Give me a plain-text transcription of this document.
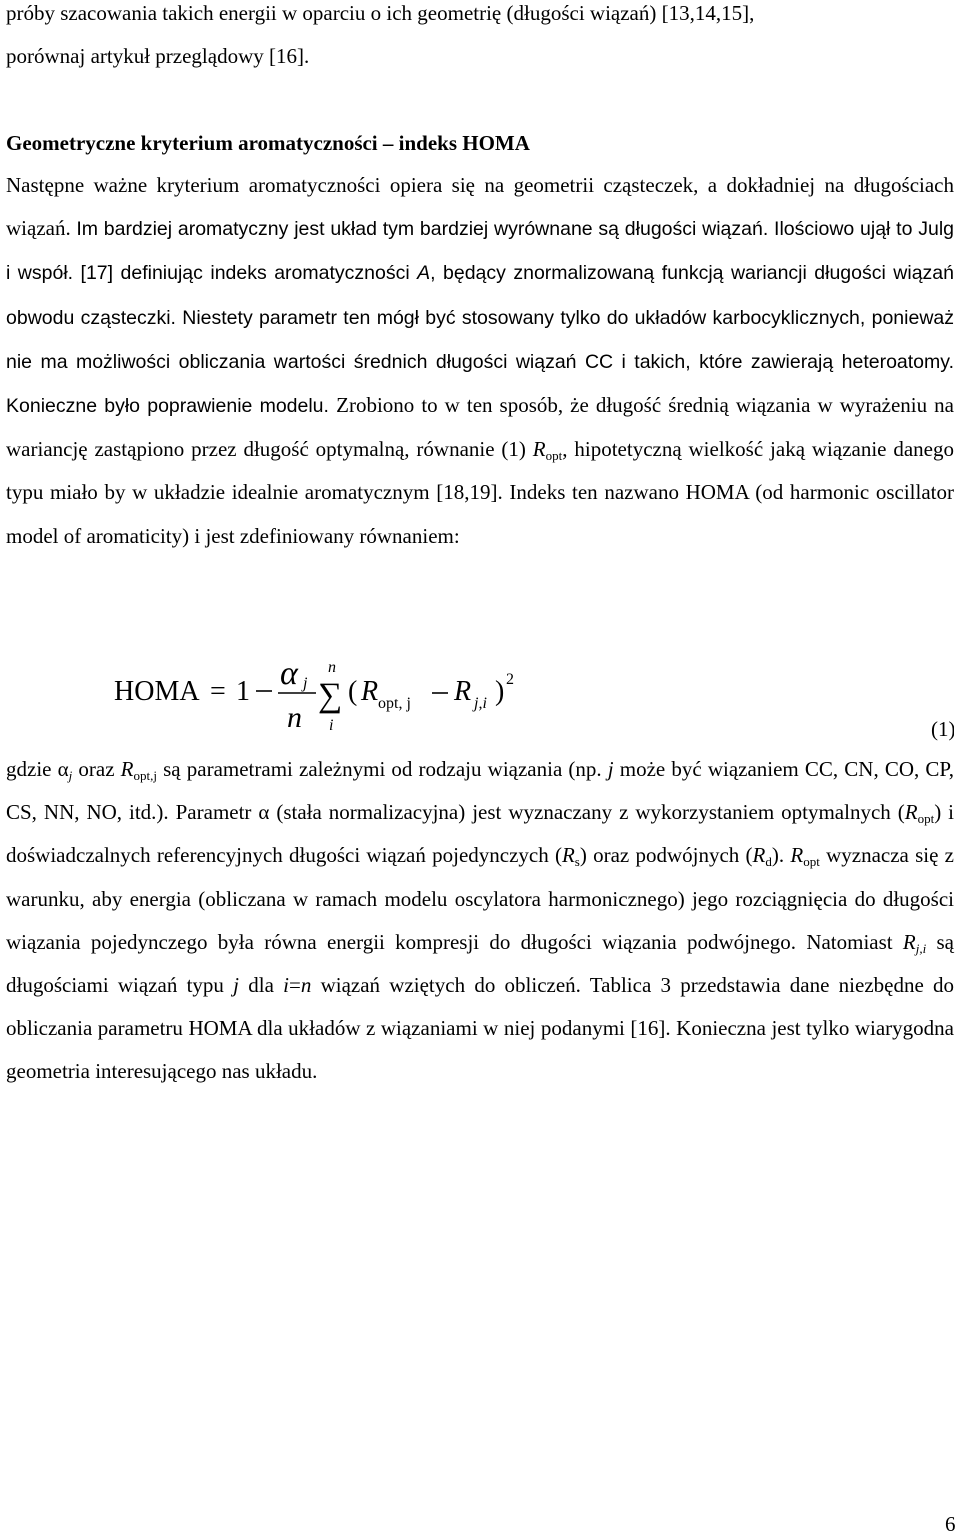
próby szacowania takich energii w oparciu o ich geometrię (długości wiązań) [13,14,15],
porównaj artykuł przeglądowy [16].

Geometryczne kryterium aromatyczności – indeks HOMA

Następne ważne kryterium aromatyczności opiera się na geometrii cząsteczek, a dokładniej na długościach wiązań. Im bardziej aromatyczny jest układ tym bardziej wyrównane są długości wiązań. Ilościowo ujął to Julg i współ. [17] definiując indeks aromatyczności A, będący znormalizowaną funkcją wariancji długości wiązań obwodu cząsteczki. Niestety parametr ten mógł być stosowany tylko do układów karbocyklicznych, ponieważ nie ma możliwości obliczania wartości średnich długości wiązań CC i takich, które zawierają heteroatomy. Konieczne było poprawienie modelu. Zrobiono to w ten sposób, że długość średnią wiązania w wyrażeniu na wariancję zastąpiono przez długość optymalną, równanie (1) $R_{opt}$, hipotetyczną wielkość jaką wiązanie danego typu miało by w układzie idealnie aromatycznym [18,19]. Indeks ten nazwano HOMA (od harmonic oscillator model of aromaticity) i jest zdefiniowany równaniem:

HOMA = 1 α j
n
n
∑
i
( R opt, j R j,i ) 2
(1)

gdzie $\alpha_j$ oraz $R_{opt,j}$ są parametrami zależnymi od rodzaju wiązania (np. j może być wiązaniem CC, CN, CO, CP, CS, NN, NO, itd.). Parametr α (stała normalizacyjna) jest wyznaczany z wykorzystaniem optymalnych $(R_{opt})$ i doświadczalnych referencyjnych długości wiązań pojedynczych $(R_s)$ oraz podwójnych $(R_d)$. $R_{opt}$ wyznacza się z warunku, aby energia (obliczana w ramach modelu oscylatora harmonicznego) jego rozciągnięcia do długości wiązania pojedynczego była równa energii kompresji do długości wiązania podwójnego. Natomiast $R_{j,i}$ są długościami wiązań typu j dla i=n wiązań wziętych do obliczeń. Tablica 3 przedstawia dane niezbędne do obliczania parametru HOMA dla układów z wiązaniami w niej podanymi [16]. Konieczna jest tylko wiarygodna geometria interesującego nas układu.

6
